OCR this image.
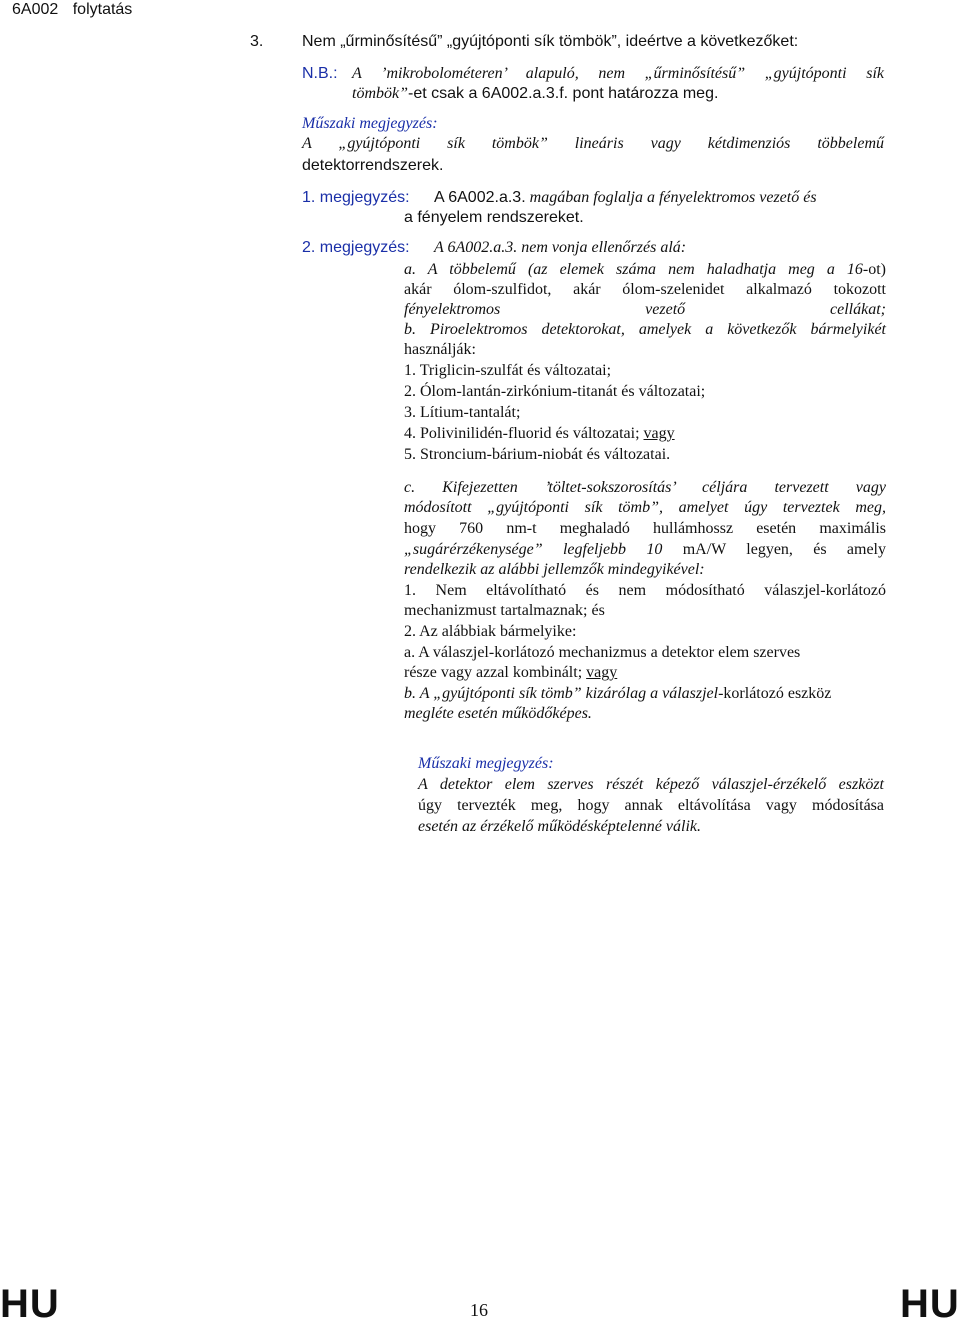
6A002 folytatás
3. Nem „űrminősítésű” „gyújtóponti sík tömbök”, ideértve a következőket:
N.B.: A ’mikrobolométeren’ alapuló, nem „űrminősítésű” „gyújtóponti sík
tömbök”-et csak a 6A002.a.3.f. pont határozza meg.
Műszaki megjegyzés:
A „gyújtóponti sík tömbök” lineáris vagy kétdimenziós többelemű
detektorrendszerek.
1. megjegyzés: A 6A002.a.3. magában foglalja a fényelektromos vezető és
a fényelem rendszereket.
2. megjegyzés: A 6A002.a.3. nem vonja ellenőrzés alá:
a. A többelemű (az elemek száma nem haladhatja meg a 16-ot)
akár ólom-szulfidot, akár ólom-szelenidet alkalmazó tokozott
fényelektromos vezető cellákat;
b. Piroelektromos detektorokat, amelyek a következők bármelyikét
használják:
1. Triglicin-szulfát és változatai;
2. Ólom-lantán-zirkónium-titanát és változatai;
3. Lítium-tantalát;
4. Polivinilidén-fluorid és változatai; vagy
5. Stroncium-bárium-niobát és változatai.
c. Kifejezetten ’töltet-sokszorosítás’ céljára tervezett vagy
módosított „gyújtóponti sík tömb”, amelyet úgy terveztek meg,
hogy 760 nm-t meghaladó hullámhossz esetén maximális
„sugárérzékenysége” legfeljebb 10 mA/W legyen, és amely
rendelkezik az alábbi jellemzők mindegyikével:
1. Nem eltávolítható és nem módosítható válaszjel-korlátozó
mechanizmust tartalmaznak; és
2. Az alábbiak bármelyike:
a. A válaszjel-korlátozó mechanizmus a detektor elem szerves
része vagy azzal kombinált; vagy
b. A „gyújtóponti sík tömb” kizárólag a válaszjel-korlátozó eszköz
megléte esetén működőképes.
Műszaki megjegyzés:
A detektor elem szerves részét képező válaszjel-érzékelő eszközt
úgy tervezték meg, hogy annak eltávolítása vagy módosítása
esetén az érzékelő működésképtelenné válik.
HU	16	HU
